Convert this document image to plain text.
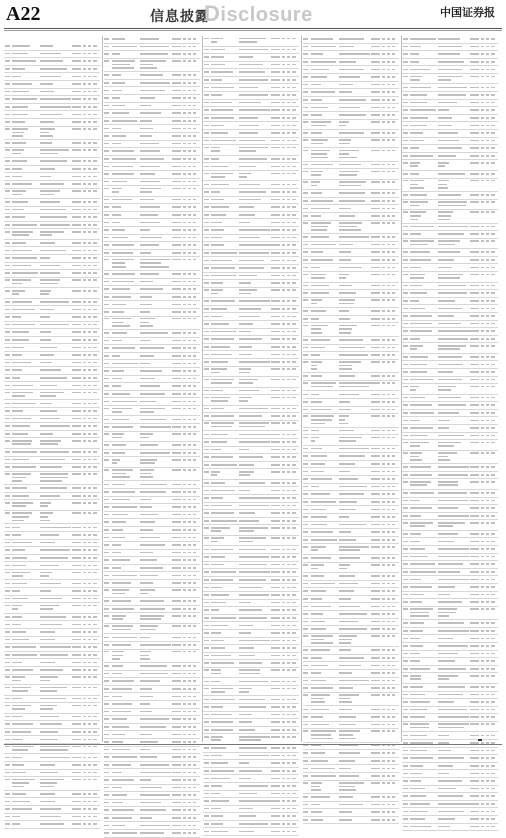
A22	信息披露
Disclosure	中国证券报
